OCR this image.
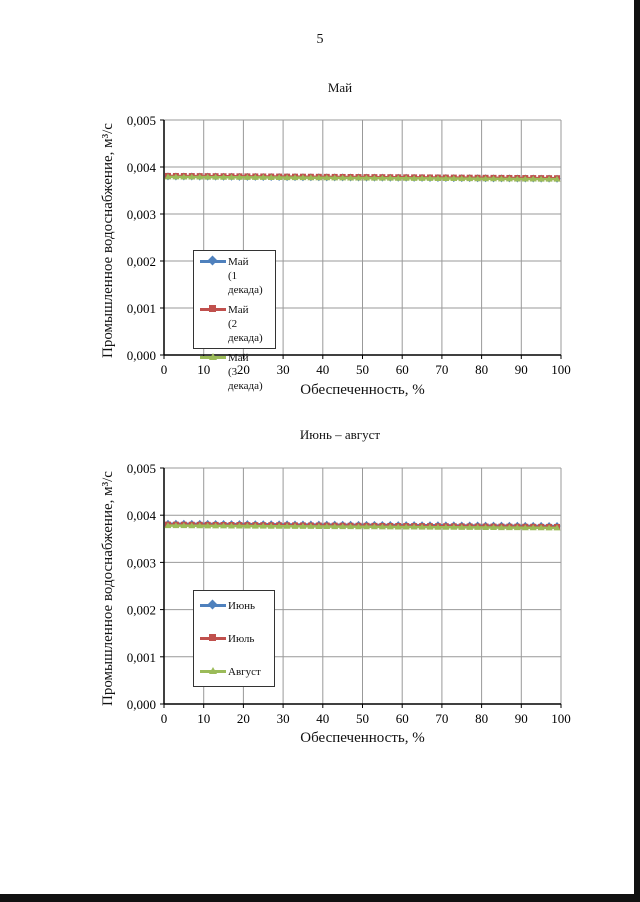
5
Май
Промышленное водоснабжение, м³/с
0 10 20 30 40 50 60 70 80 90 100
0,000
0,001
0,002
0,003
0,004
0,005
Обеспеченность, %
Май
(1 декада)
Май
(2 декада)
Май
(3 декада)
Июнь – август
Промышленное водоснабжение, м³/с
0 10 20 30 40 50 60 70 80 90 100
0,000
0,001
0,002
0,003
0,004
0,005
Обеспеченность, %
Июнь
Июль
Август
